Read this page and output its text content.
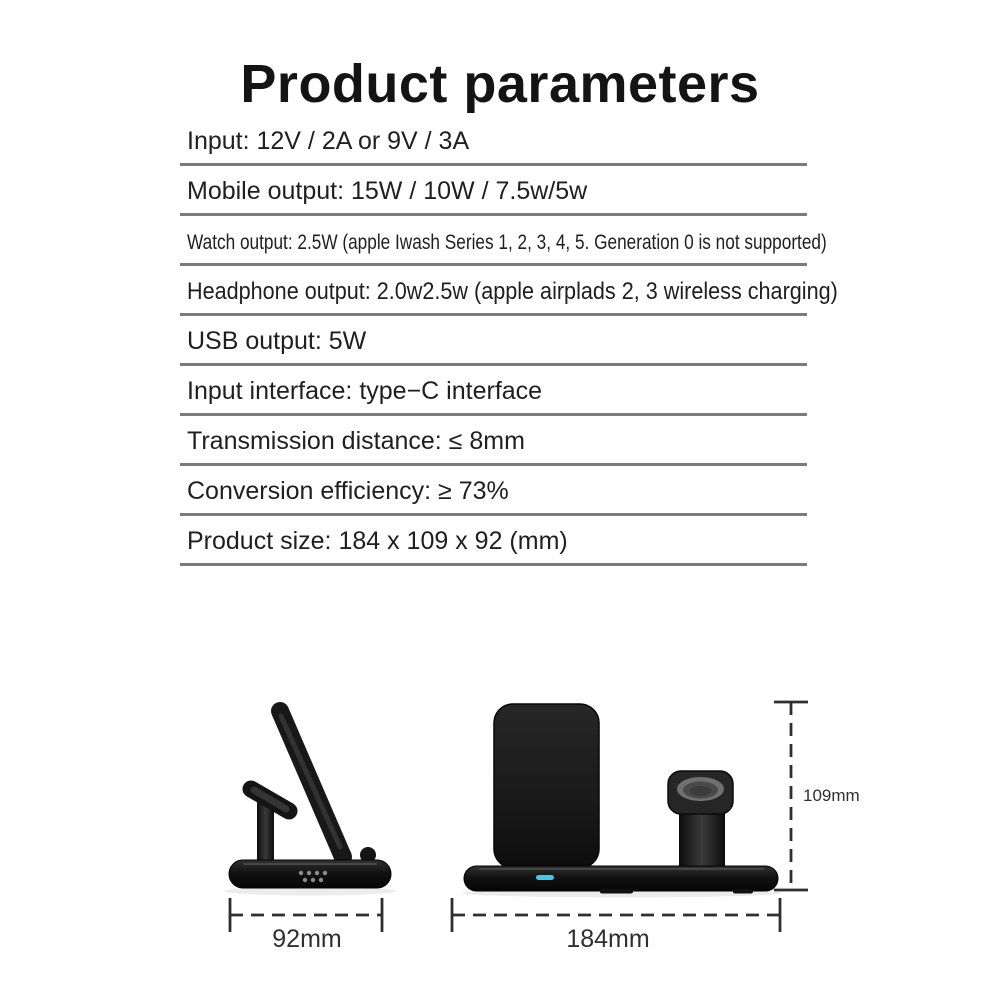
Product parameters
Input: 12V / 2A or 9V / 3A
Mobile output: 15W / 10W / 7.5w/5w
Watch output: 2.5W (apple Iwash Series 1, 2, 3, 4, 5. Generation 0 is not supported)
Headphone output: 2.0w2.5w (apple airplads 2, 3 wireless charging)
USB output: 5W
Input interface: type−C interface
Transmission distance: ≤ 8mm
Conversion efficiency: ≥ 73%
Product size: 184 x 109 x 92 (mm)
92mm	184mm
109mm
